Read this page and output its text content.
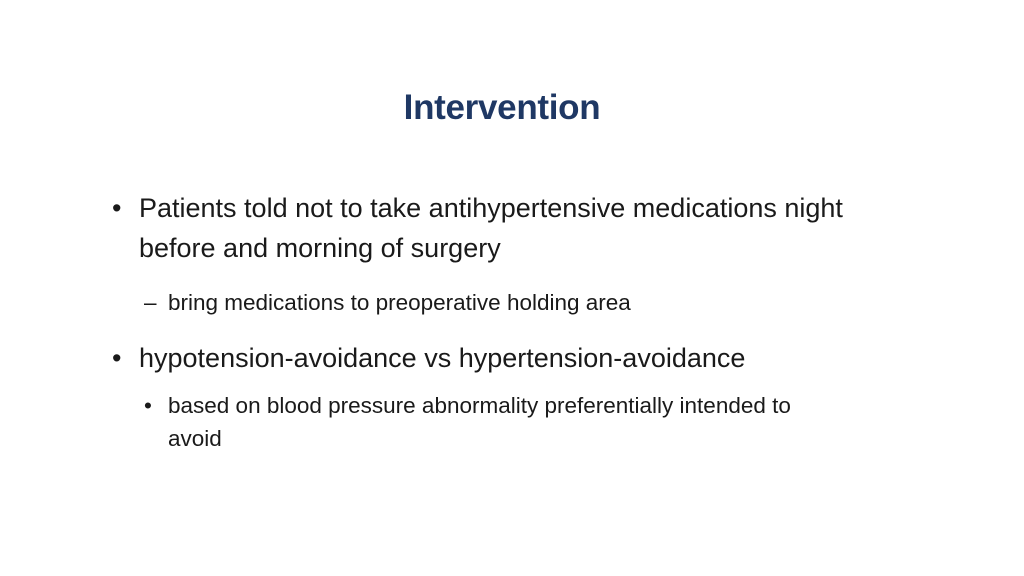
Intervention
• Patients told not to take antihypertensive medications night before and morning of surgery
– bring medications to preoperative holding area
• hypotension-avoidance vs hypertension-avoidance
• based on blood pressure abnormality preferentially intended to avoid
